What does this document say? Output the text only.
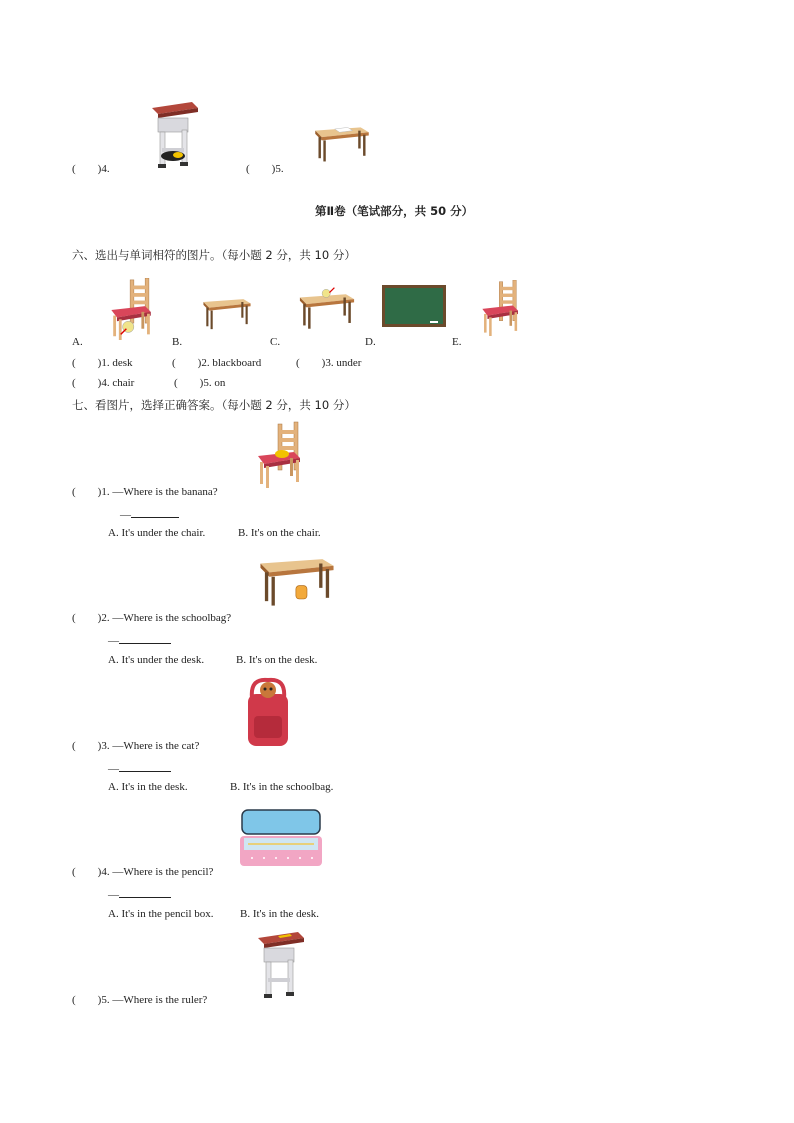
(　　)4.	(　　)5.
第Ⅱ卷（笔试部分，共 50 分）
六、选出与单词相符的图片。（每小题 2 分，共 10 分）
A.	B.	C.	D.	E.
(　　)1. desk	(　　)2. blackboard	(　　)3. under
(　　)4. chair	(　　)5. on
七、看图片，选择正确答案。（每小题 2 分，共 10 分）
(　　)1. —Where is the banana?
—
A. It's under the chair.	B. It's on the chair.
(　　)2. —Where is the schoolbag?
—
A. It's under the desk.	B. It's on the desk.
(　　)3. —Where is the cat?
—
A. It's in the desk.	B. It's in the schoolbag.
(　　)4. —Where is the pencil?
—
A. It's in the pencil box. B. It's in the desk.
(　　)5. —Where is the ruler?
